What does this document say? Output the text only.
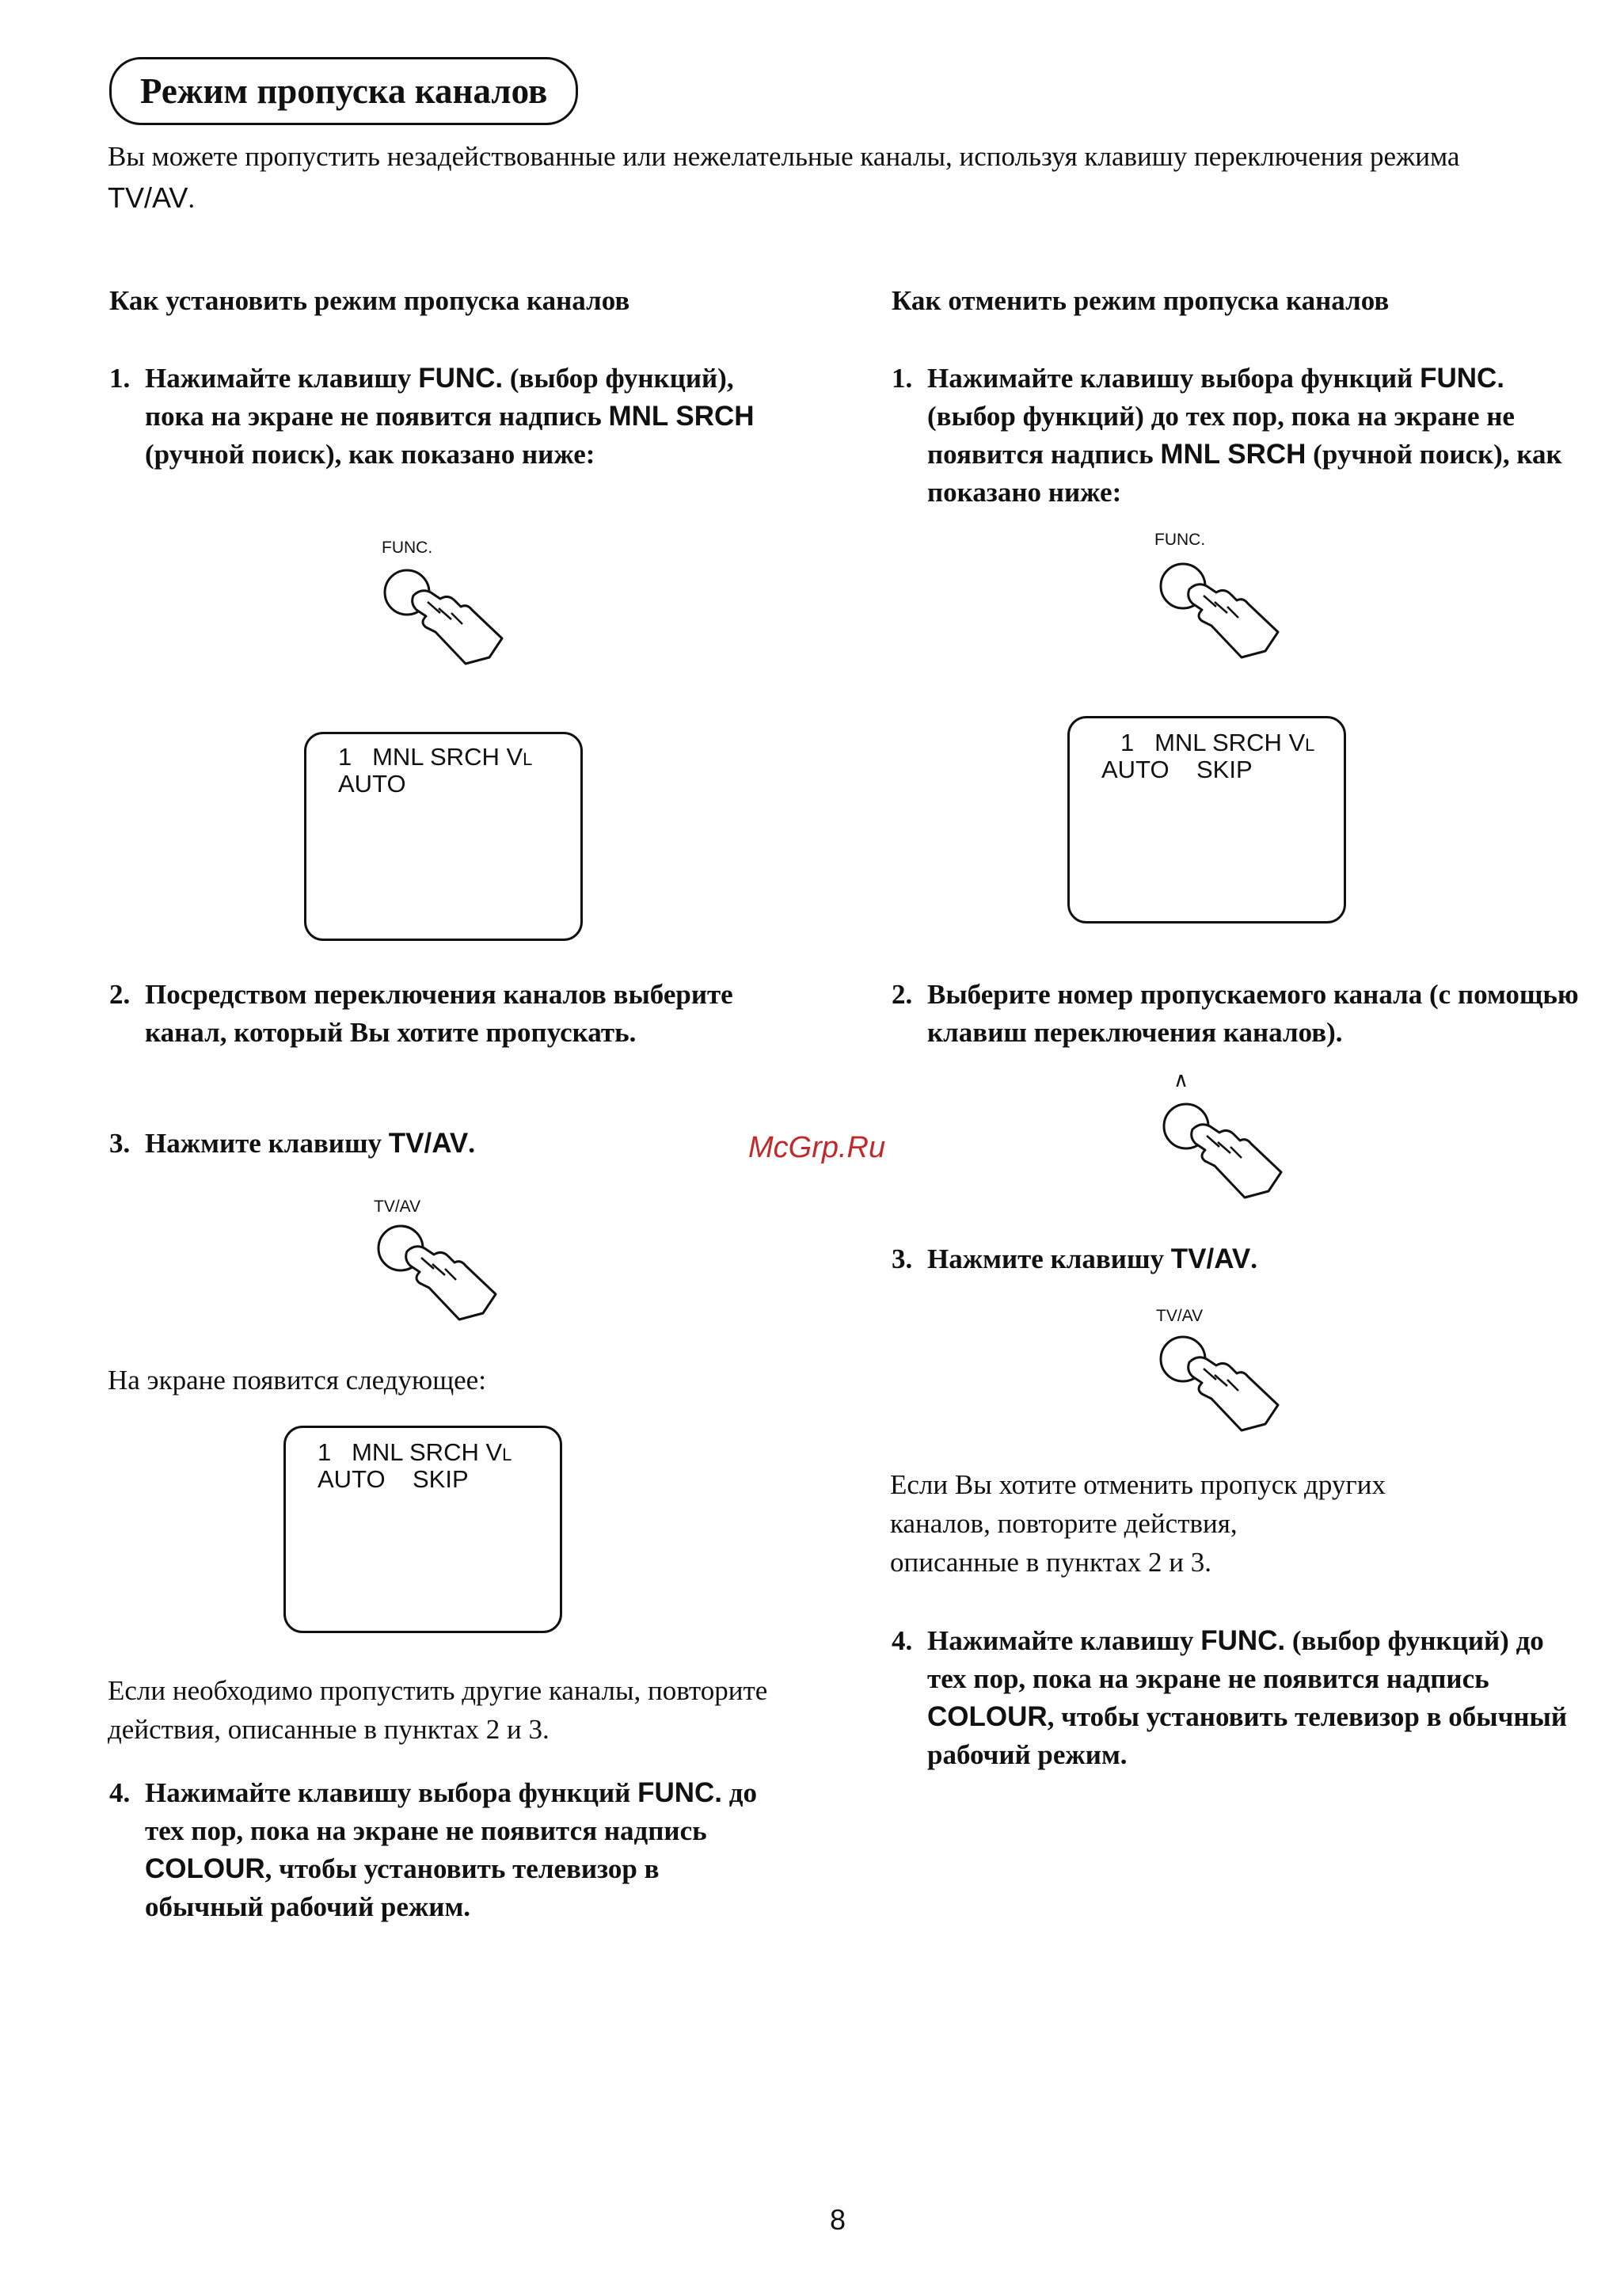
Режим пропуска каналов
Вы можете пропустить незадействованные или нежелательные каналы, используя клавишу переключения режима TV/AV.
Как установить режим пропуска каналов
1. Нажимайте клавишу FUNC. (выбор функций), пока на экране не появится надпись MNL SRCH (ручной поиск), как показано ниже:
FUNC.
1 MNL SRCH VL
AUTO
2. Посредством переключения каналов выберите канал, который Вы хотите пропускать.
3. Нажмите клавишу TV/AV.
TV/AV
На экране появится следующее:
1 MNL SRCH VL
AUTO    SKIP
Если необходимо пропустить другие каналы, повторите действия, описанные в пунктах 2 и 3.
4. Нажимайте клавишу выбора функций FUNC. до тех пор, пока на экране не появится надпись COLOUR, чтобы установить телевизор в обычный рабочий режим.
Как отменить режим пропуска каналов
1. Нажимайте клавишу выбора функций FUNC. (выбор функций) до тех пор, пока на экране не появится надпись MNL SRCH (ручной поиск), как показано ниже:
FUNC.
1 MNL SRCH VL
AUTO    SKIP
2. Выберите номер пропускаемого канала (с помощью клавиш переключения каналов).
∧
3. Нажмите клавишу TV/AV.
TV/AV
Если Вы хотите отменить пропуск других
каналов, повторите действия,
описанные в пунктах 2 и 3.
4. Нажимайте клавишу FUNC. (выбор функций) до тех пор, пока на экране не появится надпись COLOUR, чтобы установить телевизор в обычный рабочий режим.
McGrp.Ru
8
